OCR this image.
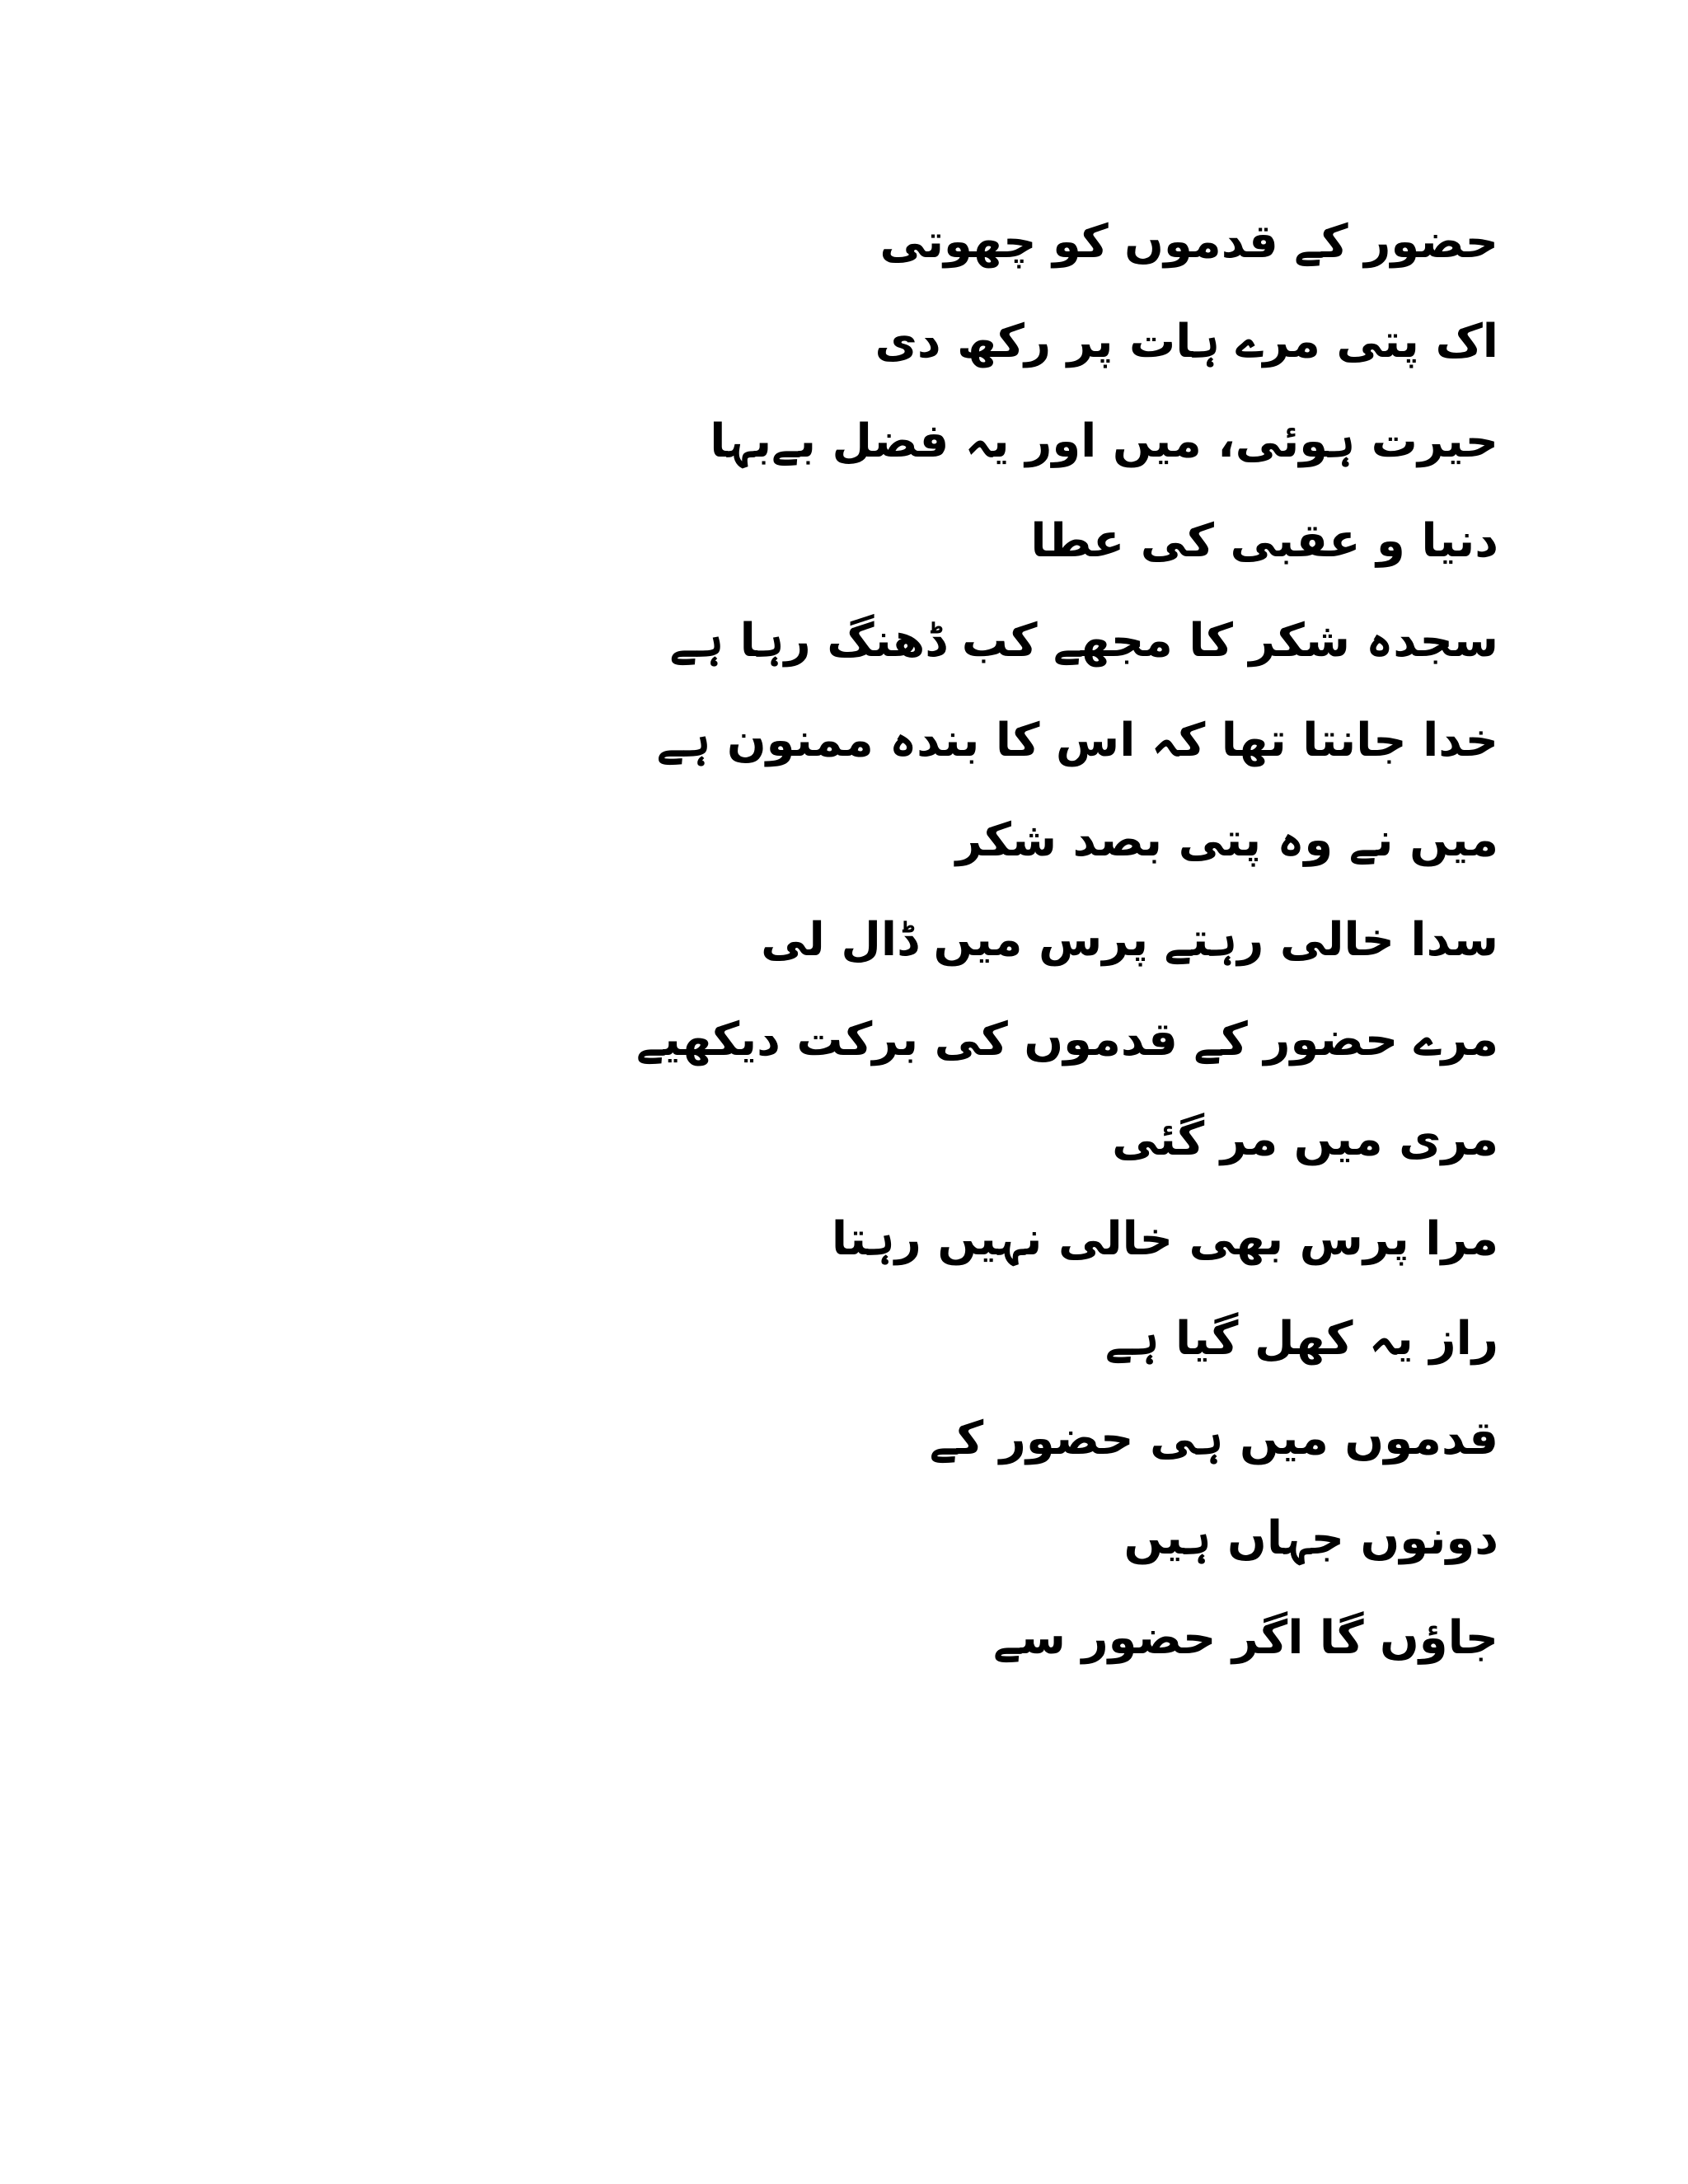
حضور کے قدموں کو چھوتی
اک پتی مرے ہات پر رکھ دی
حیرت ہوئی، میں اور یہ فضل بےبہا
دنیا و عقبی کی عطا
سجدہ شکر کا مجھے کب ڈھنگ رہا ہے
خدا جانتا تھا کہ اس کا بندہ ممنون ہے
میں نے وہ پتی بصد شکر
سدا خالی رہتے پرس میں ڈال لی
مرے حضور کے قدموں کی برکت دیکھیے
مری میں مر گئی
مرا پرس بھی خالی نہیں رہتا
راز یہ کھل گیا ہے
قدموں میں ہی حضور کے
دونوں جہاں ہیں
جاؤں گا اگر حضور سے
